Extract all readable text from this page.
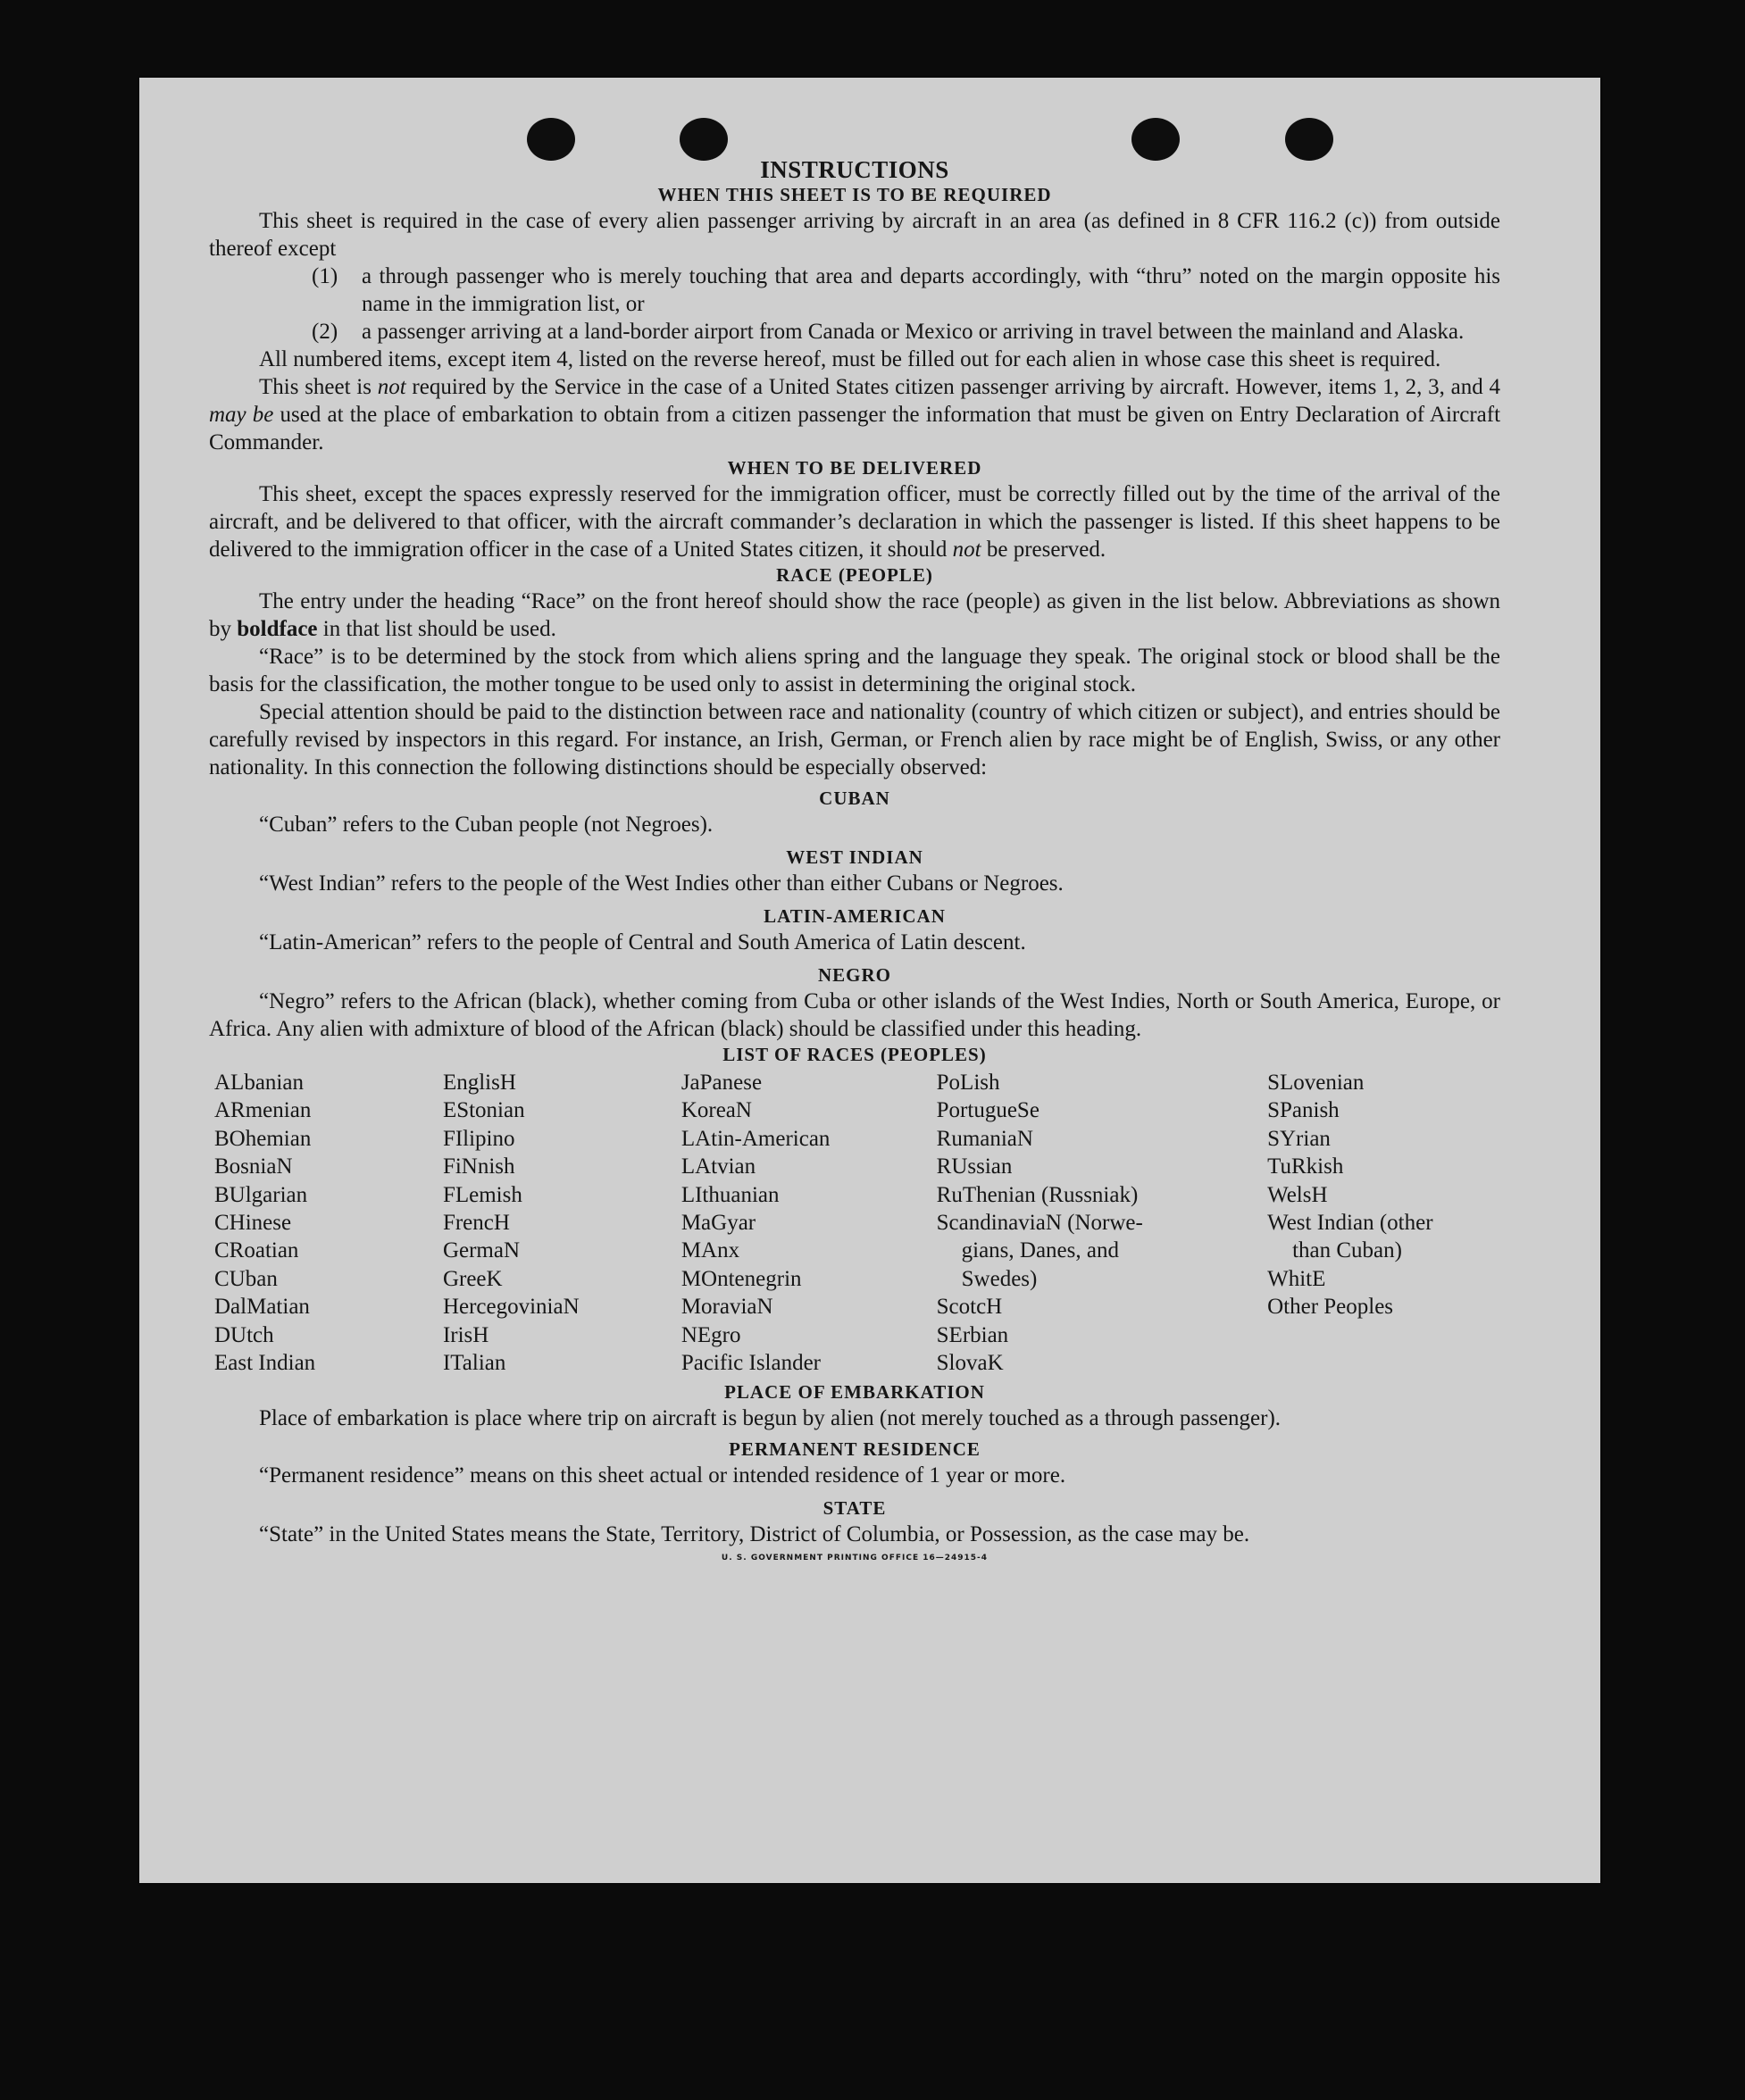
INSTRUCTIONS
WHEN THIS SHEET IS TO BE REQUIRED

This sheet is required in the case of every alien passenger arriving by aircraft in an area (as defined in 8 CFR 116.2 (c)) from outside thereof except

(1) a through passenger who is merely touching that area and departs accordingly, with “thru” noted on the margin opposite his name in the immigration list, or

(2) a passenger arriving at a land-border airport from Canada or Mexico or arriving in travel between the mainland and Alaska.

All numbered items, except item 4, listed on the reverse hereof, must be filled out for each alien in whose case this sheet is required.

This sheet is not required by the Service in the case of a United States citizen passenger arriving by aircraft. However, items 1, 2, 3, and 4 may be used at the place of embarkation to obtain from a citizen passenger the information that must be given on Entry Declaration of Aircraft Commander.

WHEN TO BE DELIVERED

This sheet, except the spaces expressly reserved for the immigration officer, must be correctly filled out by the time of the arrival of the aircraft, and be delivered to that officer, with the aircraft commander’s declaration in which the passenger is listed. If this sheet happens to be delivered to the immigration officer in the case of a United States citizen, it should not be preserved.

RACE (PEOPLE)

The entry under the heading “Race” on the front hereof should show the race (people) as given in the list below. Abbreviations as shown by boldface in that list should be used.

“Race” is to be determined by the stock from which aliens spring and the language they speak. The original stock or blood shall be the basis for the classification, the mother tongue to be used only to assist in determining the original stock.

Special attention should be paid to the distinction between race and nationality (country of which citizen or subject), and entries should be carefully revised by inspectors in this regard. For instance, an Irish, German, or French alien by race might be of English, Swiss, or any other nationality. In this connection the following distinctions should be especially observed:

CUBAN

“Cuban” refers to the Cuban people (not Negroes).

WEST INDIAN

“West Indian” refers to the people of the West Indies other than either Cubans or Negroes.

LATIN-AMERICAN

“Latin-American” refers to the people of Central and South America of Latin descent.

NEGRO

“Negro” refers to the African (black), whether coming from Cuba or other islands of the West Indies, North or South America, Europe, or Africa. Any alien with admixture of blood of the African (black) should be classified under this heading.

LIST OF RACES (PEOPLES)
ALbanian
ARmenian
BOhemian
BosniaN
BUlgarian
CHinese
CRoatian
CUban
DalMatian
DUtch
East Indian
EnglisH
EStonian
FIlipino
FiNnish
FLemish
FrencH
GermaN
GreeK
HercegoviniaN
IrisH
ITalian
JaPanese
KoreaN
LAtin-American
LAtvian
LIthuanian
MaGyar
MAnx
MOntenegrin
MoraviaN
NEgro
Pacific Islander
PoLish
PortugueSe
RumaniaN
RUssian
RuThenian (Russniak)
ScandinaviaN (Norwe-
gians, Danes, and
Swedes)
ScotcH
SErbian
SlovaK
SLovenian
SPanish
SYrian
TuRkish
WelsH
West Indian (other
than Cuban)
WhitE
Other Peoples
PLACE OF EMBARKATION

Place of embarkation is place where trip on aircraft is begun by alien (not merely touched as a through passenger).

PERMANENT RESIDENCE

“Permanent residence” means on this sheet actual or intended residence of 1 year or more.

STATE

“State” in the United States means the State, Territory, District of Columbia, or Possession, as the case may be.

U. S. GOVERNMENT PRINTING OFFICE 16—24915-4
